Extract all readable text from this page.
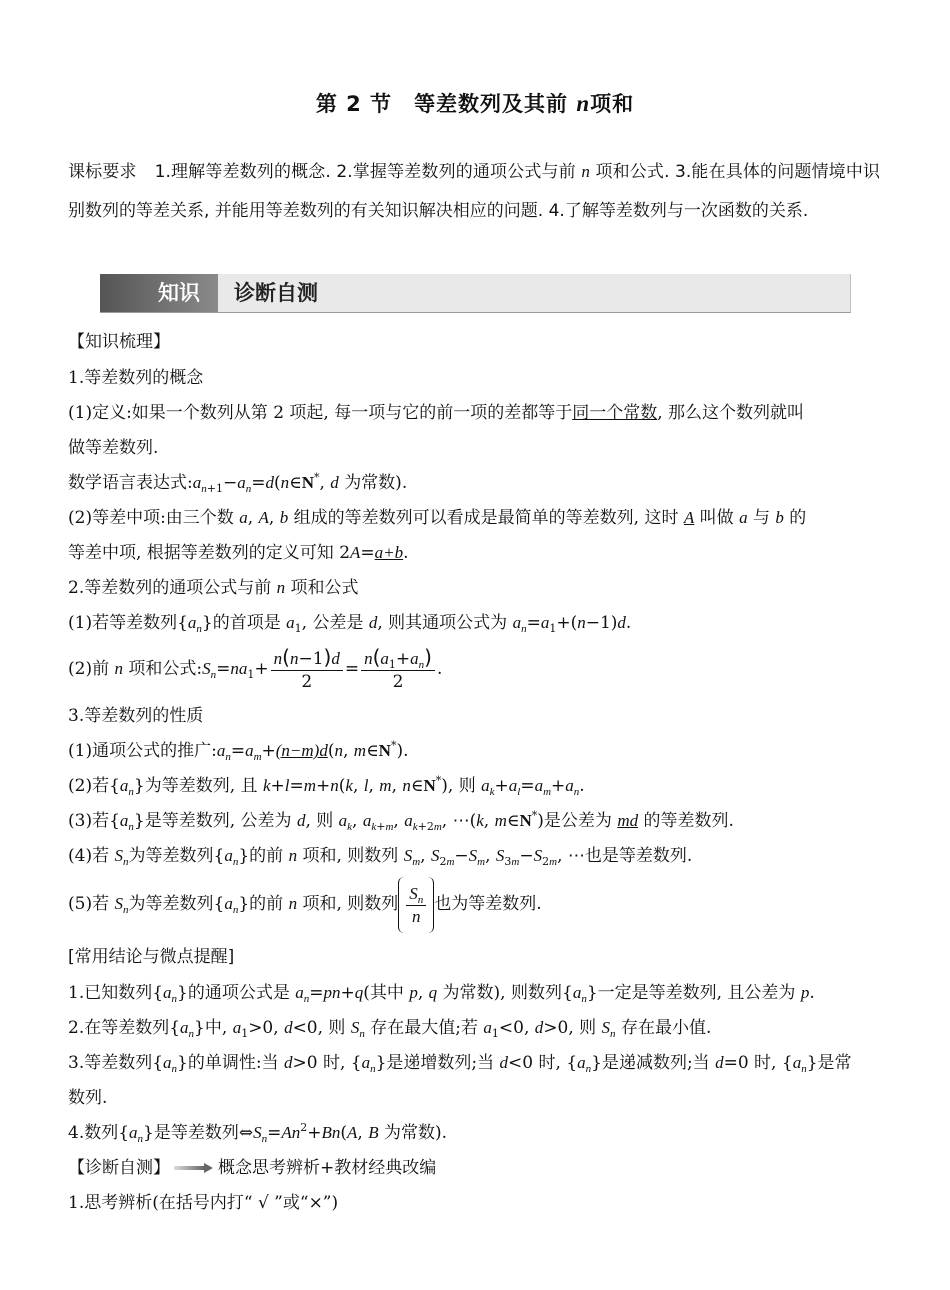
第 2 节 等差数列及其前 n项和
课标要求 1.理解等差数列的概念. 2.掌握等差数列的通项公式与前 n 项和公式. 3.能在具体的问题情境中识别数列的等差关系, 并能用等差数列的有关知识解决相应的问题. 4.了解等差数列与一次函数的关系.
知识	诊断自测
【知识梳理】
1.等差数列的概念
(1)定义:如果一个数列从第 2 项起, 每一项与它的前一项的差都等于同一个常数, 那么这个数列就叫
做等差数列.
数学语言表达式$:a_{n+1}-a_n=d(n\in N^*$, d 为常数).
(2)等差中项:由三个数 a, A, b 组成的等差数列可以看成是最简单的等差数列, 这时 A 叫做 a 与 b 的
等差中项, 根据等差数列的定义可知 2A=a+b.
2.等差数列的通项公式与前 n 项和公式
(1)若等差数列$\{a_n\}$的首项是 $a_1$, 公差是 d, 则其通项公式为 $a_n=a_1+(n-1)d$.
(2)前 n 项和公式$:S_n=na_1+ \frac{n(n-1)d}{2} = \frac{n(a_1+a_n)}{2}$ .
3.等差数列的性质
(1)通项公式的推广$:a_n=a_m+(n-m)d(n$, m∈N*).
(2)若$\{a_n\}$为等差数列, 且 k+l=m+n(k, l, m, n∈N*), 则 $a_k+a_l=a_m+a_n$.
(3)若$\{a_n\}$是等差数列, 公差为 d, 则 $a_k$, $a_{k+m}$, $a_{k+2m}$, ⋯(k, m∈N*)是公差为 md 的等差数列.
(4)若 $S_n$为等差数列$\{a_n\}$的前 n 项和, 则数列 $S_m$, $S_{2m}-S_m$, $S_{3m}-S_{2m}$, ⋯也是等差数列.
(5)若 $S_n$为等差数列$\{a_n\}$的前 n 项和, 则数列 $\frac{S_n}{n}$ 也为等差数列.
[常用结论与微点提醒]
1.已知数列$\{a_n\}$的通项公式是 $a_n=pn+q$(其中 p, q 为常数), 则数列$\{a_n\}$一定是等差数列, 且公差为 p.
2.在等差数列$\{a_n\}$中, $a_1>0$, d<0, 则 $S_n$ 存在最大值;若 $a_1<0$, d>0, 则 $S_n$ 存在最小值.
3.等差数列$\{a_n\}$的单调性:当 d>0 时, $\{a_n\}$是递增数列;当 d<0 时, $\{a_n\}$是递减数列;当 d=0 时, $\{a_n\}$是常
数列.
4.数列$\{a_n\}$是等差数列$\Leftrightarrow S_n=An^2+Bn(A$, B 为常数).
【诊断自测】	概念思考辨析+教材经典改编
1.思考辨析(在括号内打“ √ ”或“×”)
